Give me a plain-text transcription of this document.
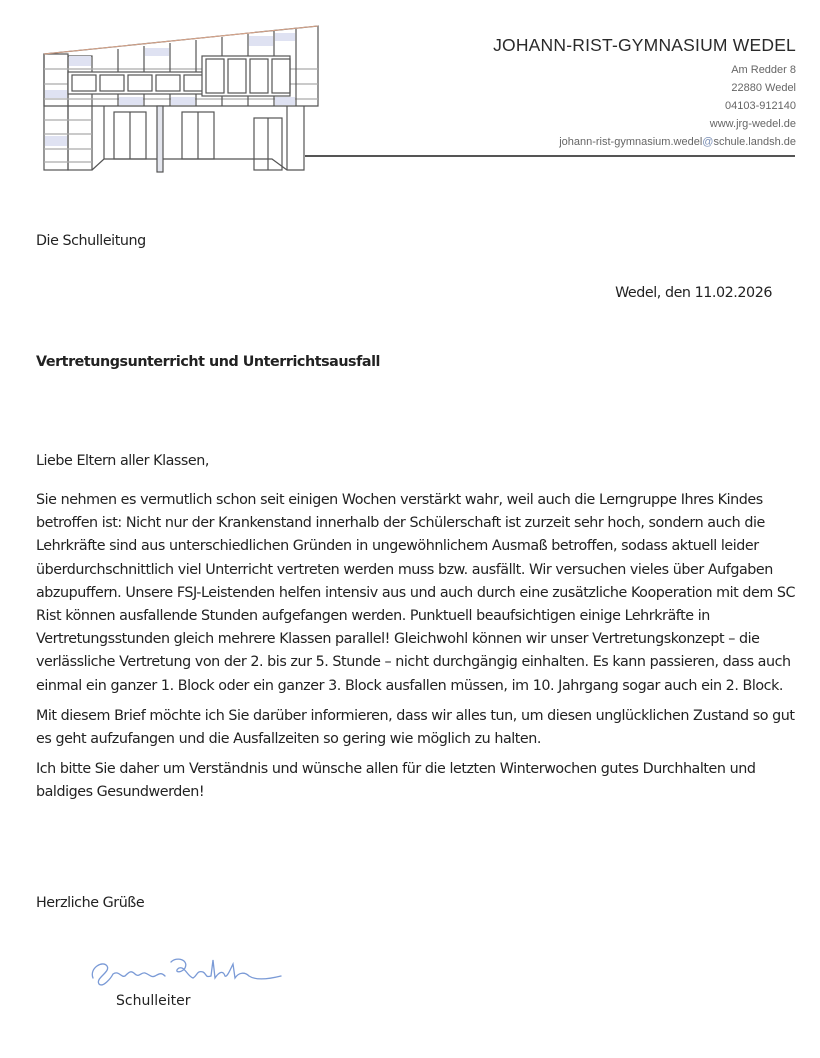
JOHANN-RIST-GYMNASIUM WEDEL
Am Redder 8
22880 Wedel
04103-912140
www.jrg-wedel.de
johann-rist-gymnasium.wedel@schule.landsh.de
Die Schulleitung
Wedel, den 11.02.2026
Vertretungsunterricht und Unterrichtsausfall
Liebe Eltern aller Klassen,

Sie nehmen es vermutlich schon seit einigen Wochen verstärkt wahr, weil auch die Lerngruppe Ihres Kindes betroffen ist: Nicht nur der Krankenstand innerhalb der Schülerschaft ist zurzeit sehr hoch, sondern auch die Lehrkräfte sind aus unterschiedlichen Gründen in ungewöhnlichem Ausmaß betroffen, sodass aktuell leider überdurchschnittlich viel Unterricht vertreten werden muss bzw. ausfällt. Wir versuchen vieles über Aufgaben abzupuffern. Unsere FSJ-Leistenden helfen intensiv aus und auch durch eine zusätzliche Kooperation mit dem SC Rist können ausfallende Stunden aufgefangen werden. Punktuell beaufsichtigen einige Lehrkräfte in Vertretungsstunden gleich mehrere Klassen parallel! Gleichwohl können wir unser Vertretungskonzept – die verlässliche Vertretung von der 2. bis zur 5. Stunde – nicht durchgängig einhalten. Es kann passieren, dass auch einmal ein ganzer 1. Block oder ein ganzer 3. Block ausfallen müssen, im 10. Jahrgang sogar auch ein 2. Block.

Mit diesem Brief möchte ich Sie darüber informieren, dass wir alles tun, um diesen unglücklichen Zustand so gut es geht aufzufangen und die Ausfallzeiten so gering wie möglich zu halten.

Ich bitte Sie daher um Verständnis und wünsche allen für die letzten Winterwochen gutes Durchhalten und baldiges Gesundwerden!

Herzliche Grüße
Schulleiter
